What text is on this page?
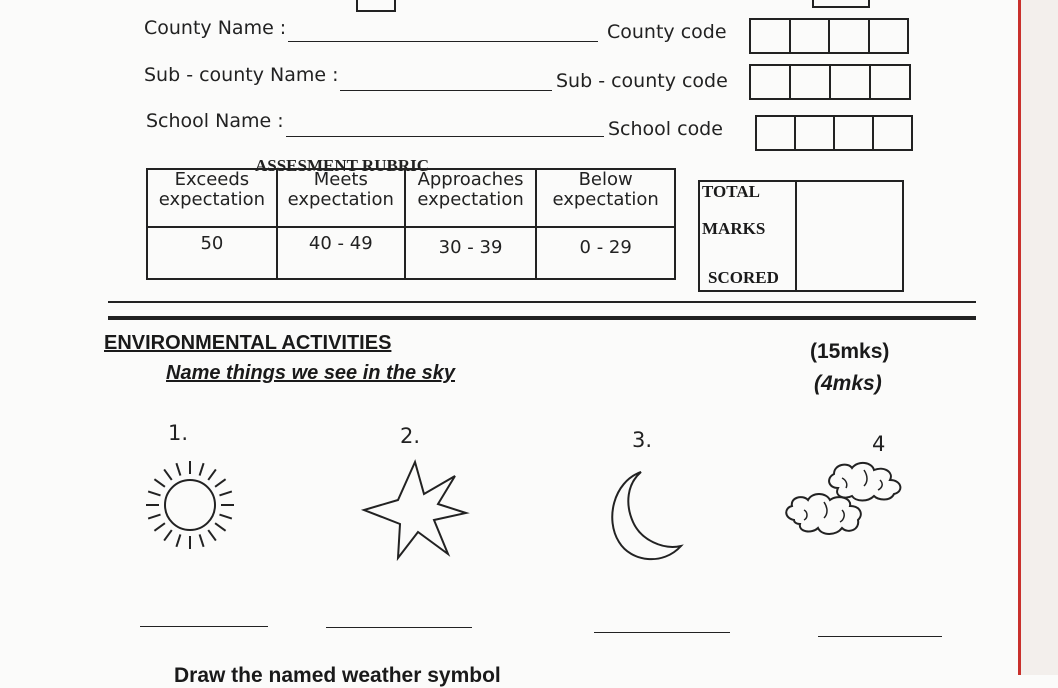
County Name :	County code
Sub - county Name :	Sub - county code
School Name :	School code
ASSESMENT RUBRIC
Exceeds expectation	Meets expectation	Approaches expectation	Below expectation
50	40 - 49	30 - 39	0 - 29
TOTAL
MARKS
SCORED
ENVIRONMENTAL ACTIVITIES	(15mks)
Name things we see in the sky	(4mks)
1.	2.	3.	4
Draw the named weather symbol
